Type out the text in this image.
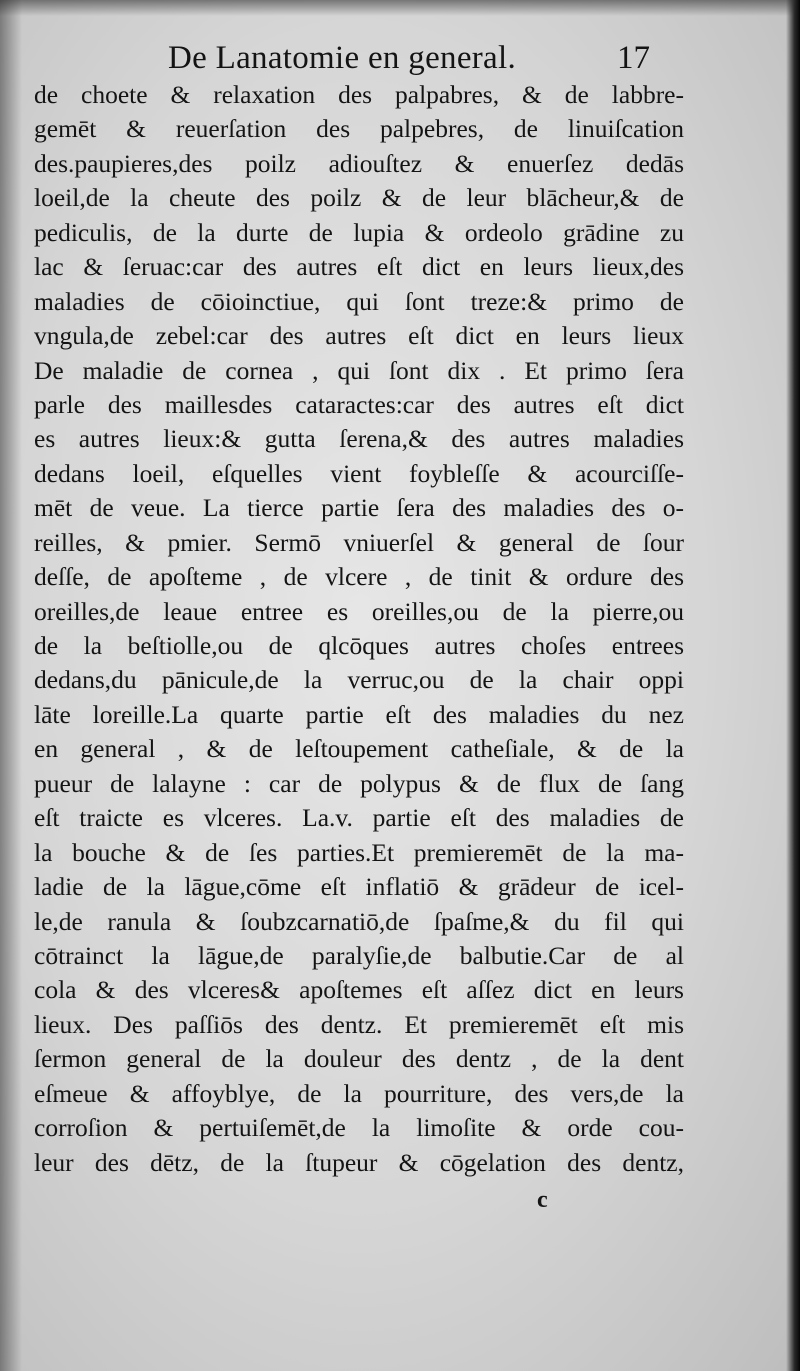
De Lanatomie en general.	17
de choete & relaxation des palpabres, & de labbre-
gemēt & reuerſation des palpebres, de linuiſcation
des.paupieres,des poilz adiouſtez & enuerſez dedās
loeil,de la cheute des poilz & de leur blācheur,& de
pediculis, de la durte de lupia & ordeolo grādine zu
lac & ſeruac:car des autres eſt dict en leurs lieux,des
maladies de cōioinctiue, qui ſont treze:& primo de
vngula,de zebel:car des autres eſt dict en leurs lieux
De maladie de cornea , qui ſont dix . Et primo ſera
parle des maillesdes cataractes:car des autres eſt dict
es autres lieux:& gutta ſerena,& des autres maladies
dedans loeil, eſquelles vient foybleſſe & acourciſſe-
mēt de veue. La tierce partie ſera des maladies des o-
reilles, & pmier. Sermō vniuerſel & general de ſour
deſſe, de apoſteme , de vlcere , de tinit & ordure des
oreilles,de leaue entree es oreilles,ou de la pierre,ou
de la beſtiolle,ou de qlcōques autres choſes entrees
dedans,du pānicule,de la verruc,ou de la chair oppi
lāte loreille.La quarte partie eſt des maladies du nez
en general , & de leſtoupement catheſiale, & de la
pueur de lalayne : car de polypus & de flux de ſang
eſt traicte es vlceres. La.v. partie eſt des maladies de
la bouche & de ſes parties.Et premieremēt de la ma-
ladie de la lāgue,cōme eſt inflatiō & grādeur de icel-
le,de ranula & ſoubzcarnatiō,de ſpaſme,& du fil qui
cōtrainct la lāgue,de paralyſie,de balbutie.Car de al
cola & des vlceres& apoſtemes eſt aſſez dict en leurs
lieux. Des paſſiōs des dentz. Et premieremēt eſt mis
ſermon general de la douleur des dentz , de la dent
eſmeue & affoyblye, de la pourriture, des vers,de la
corroſion & pertuiſemēt,de la limoſite & orde cou-
leur des dētz, de la ſtupeur & cōgelation des dentz,
c
